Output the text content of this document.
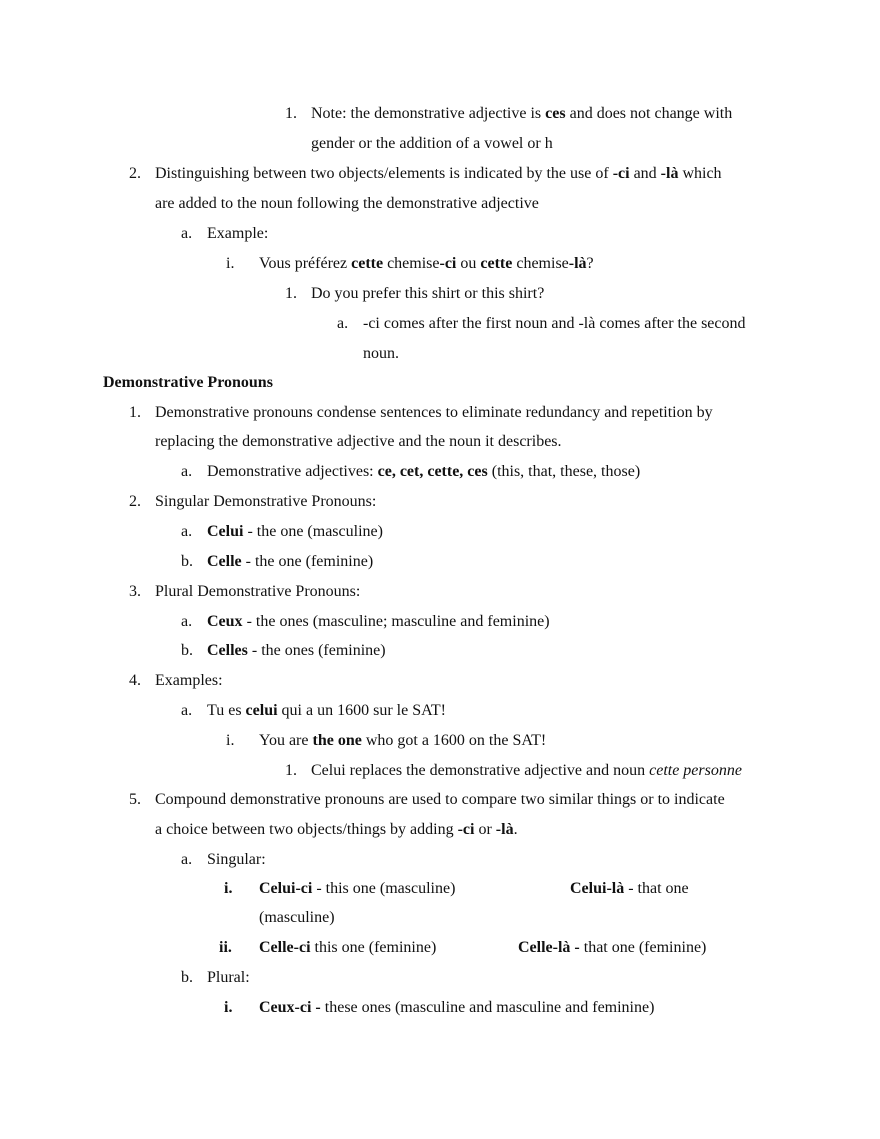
1. Note: the demonstrative adjective is ces and does not change with
gender or the addition of a vowel or h
2. Distinguishing between two objects/elements is indicated by the use of -ci and -là which
are added to the noun following the demonstrative adjective
a. Example:
i. Vous préférez cette chemise-ci ou cette chemise-là?
1. Do you prefer this shirt or this shirt?
a. -ci comes after the first noun and -là comes after the second
noun.
Demonstrative Pronouns
1. Demonstrative pronouns condense sentences to eliminate redundancy and repetition by
replacing the demonstrative adjective and the noun it describes.
a. Demonstrative adjectives: ce, cet, cette, ces (this, that, these, those)
2. Singular Demonstrative Pronouns:
a. Celui - the one (masculine)
b. Celle - the one (feminine)
3. Plural Demonstrative Pronouns:
a. Ceux - the ones (masculine; masculine and feminine)
b. Celles - the ones (feminine)
4. Examples:
a. Tu es celui qui a un 1600 sur le SAT!
i. You are the one who got a 1600 on the SAT!
1. Celui replaces the demonstrative adjective and noun cette personne
5. Compound demonstrative pronouns are used to compare two similar things or to indicate
a choice between two objects/things by adding -ci or -là.
a. Singular:
i. Celui-ci - this one (masculine)	Celui-là - that one
(masculine)
ii. Celle-ci this one (feminine)	Celle-là - that one (feminine)
b. Plural:
i. Ceux-ci - these ones (masculine and masculine and feminine)
